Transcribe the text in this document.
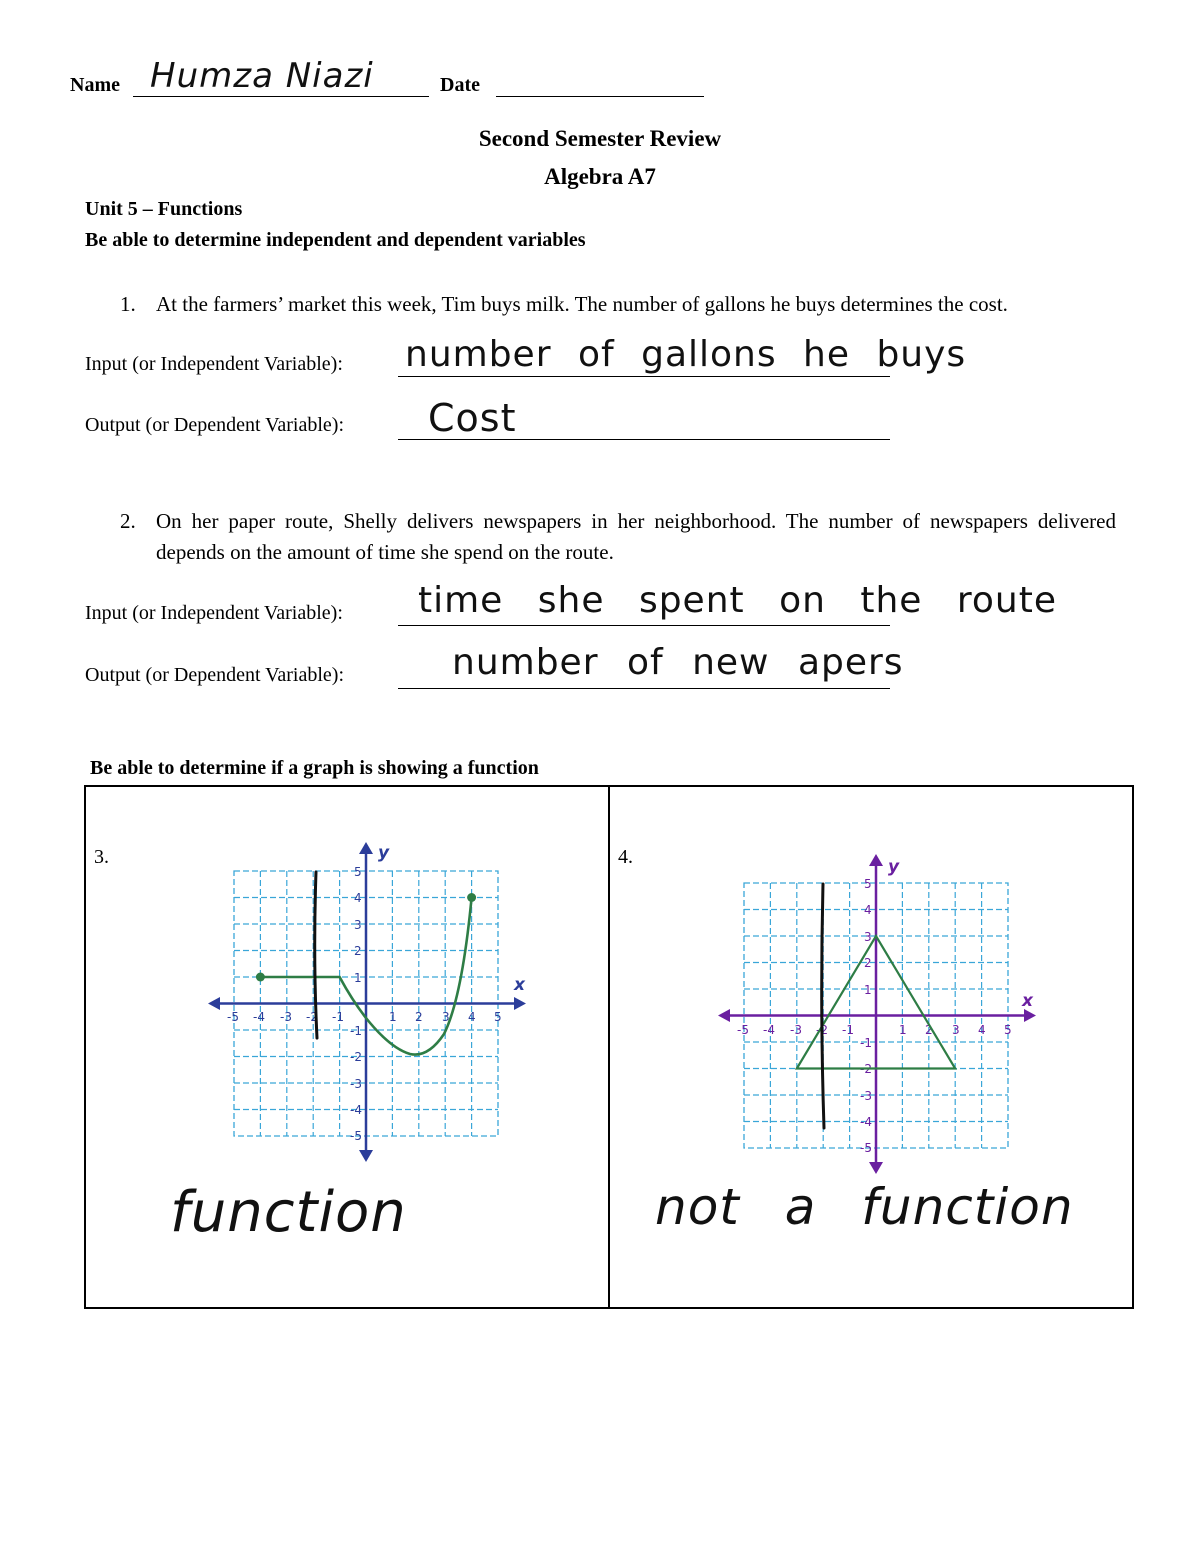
Name Humza Niazi	Date
Second Semester Review
Algebra A7
Unit 5 – Functions
Be able to determine independent and dependent variables
1. At the farmers’ market this week, Tim buys milk. The number of gallons he buys determines the cost.
Input (or Independent Variable): number of gallons he buys
Output (or Dependent Variable): Cost
2. On her paper route, Shelly delivers newspapers in her neighborhood. The number of newspapers delivered depends on the amount of time she spend on the route.
Input (or Independent Variable): time she spent on the route
Output (or Dependent Variable):	number of new apers
Be able to determine if a graph is showing a function
3.	4.
x
y
-5 -4 -3 -2 -1	1 2 3 4 5
5
4
3
2
1
-1
-2
-3
-4
-5
function
x
y
-5 -4 -3 -2 -1	1 2 3 4 5
5
4
3
2
1
-1
-2
-3
-4
-5
not a function
